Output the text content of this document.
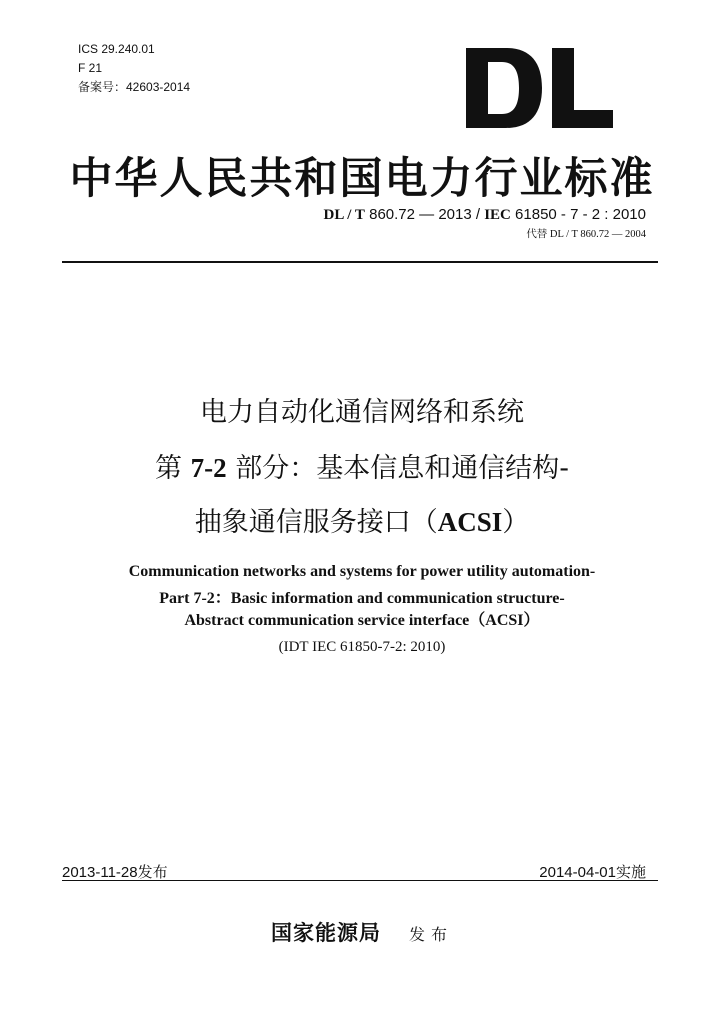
ICS 29.240.01
F 21
备案号：42603-2014
中华人民共和国电力行业标准
DL / T 860.72 — 2013 / IEC 61850 - 7 - 2 : 2010
代替 DL / T 860.72 — 2004
电力自动化通信网络和系统
第 7-2 部分：基本信息和通信结构-
抽象通信服务接口（ACSI）
Communication networks and systems for power utility automation-
Part 7-2：Basic information and communication structure-
Abstract communication service interface（ACSI）
(IDT IEC 61850-7-2: 2010)
2013-11-28发布	2014-04-01实施
国家能源局 发布
